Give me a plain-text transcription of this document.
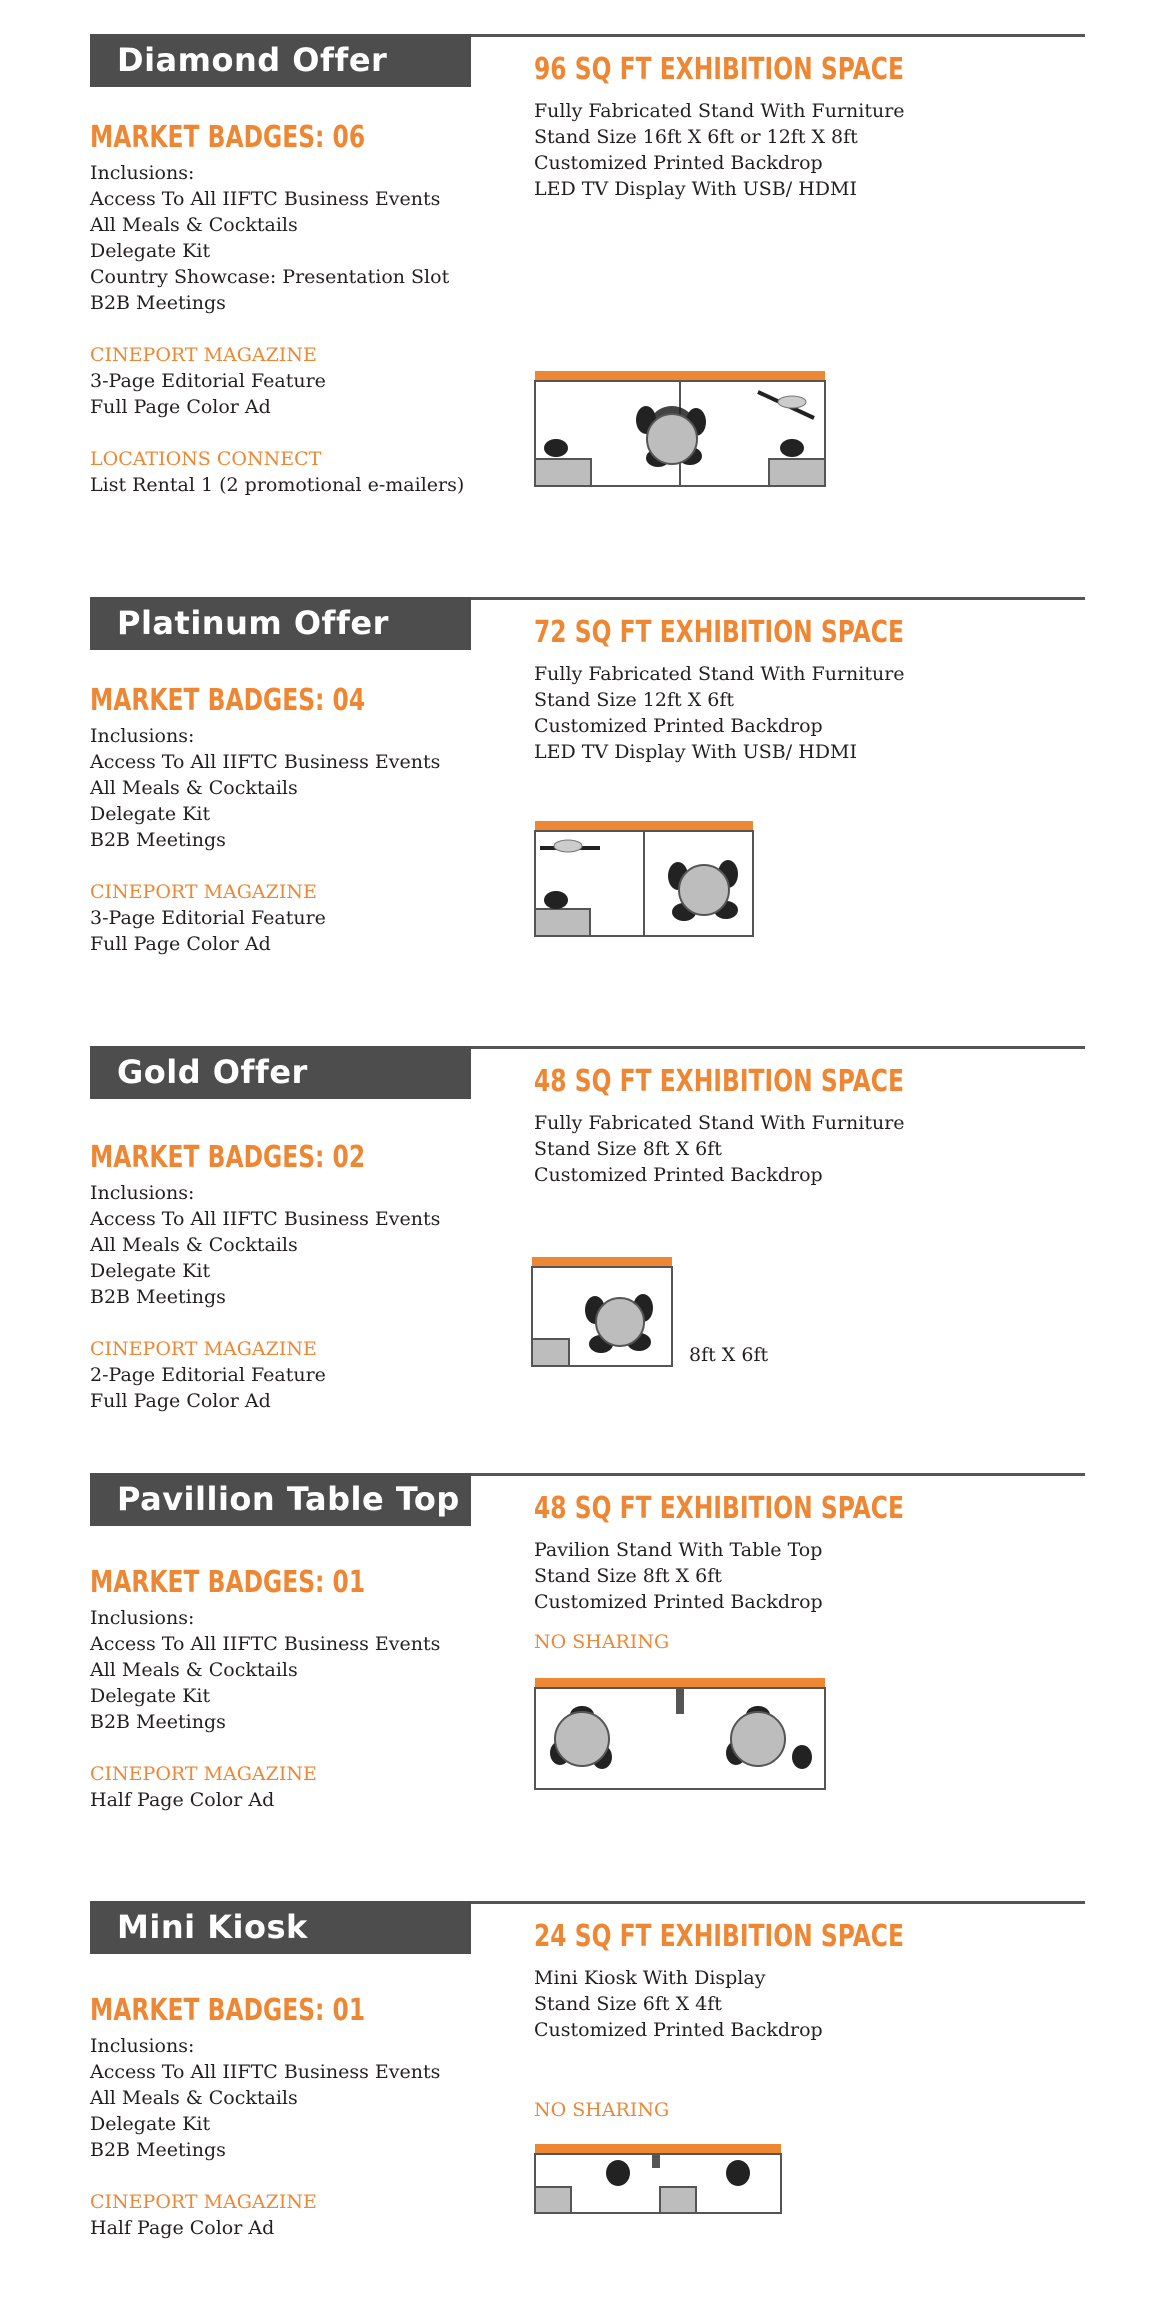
Diamond Offer
MARKET BADGES: 06
Inclusions:
Access To All IIFTC Business Events
All Meals & Cocktails
Delegate Kit
Country Showcase: Presentation Slot
B2B Meetings
CINEPORT MAGAZINE
3-Page Editorial Feature
Full Page Color Ad
LOCATIONS CONNECT
List Rental 1 (2 promotional e-mailers)
96 SQ FT EXHIBITION SPACE
Fully Fabricated Stand With Furniture
Stand Size 16ft X 6ft or 12ft X 8ft
Customized Printed Backdrop
LED TV Display With USB/ HDMI
Platinum Offer
MARKET BADGES: 04
Inclusions:
Access To All IIFTC Business Events
All Meals & Cocktails
Delegate Kit
B2B Meetings
CINEPORT MAGAZINE
3-Page Editorial Feature
Full Page Color Ad
72 SQ FT EXHIBITION SPACE
Fully Fabricated Stand With Furniture
Stand Size 12ft X 6ft
Customized Printed Backdrop
LED TV Display With USB/ HDMI
Gold Offer
MARKET BADGES: 02
Inclusions:
Access To All IIFTC Business Events
All Meals & Cocktails
Delegate Kit
B2B Meetings
CINEPORT MAGAZINE
2-Page Editorial Feature
Full Page Color Ad
48 SQ FT EXHIBITION SPACE
Fully Fabricated Stand With Furniture
Stand Size 8ft X 6ft
Customized Printed Backdrop
8ft X 6ft
Pavillion Table Top
MARKET BADGES: 01
Inclusions:
Access To All IIFTC Business Events
All Meals & Cocktails
Delegate Kit
B2B Meetings
CINEPORT MAGAZINE
Half Page Color Ad
48 SQ FT EXHIBITION SPACE
Pavilion Stand With Table Top
Stand Size 8ft X 6ft
Customized Printed Backdrop
NO SHARING
Mini Kiosk
MARKET BADGES: 01
Inclusions:
Access To All IIFTC Business Events
All Meals & Cocktails
Delegate Kit
B2B Meetings
CINEPORT MAGAZINE
Half Page Color Ad
24 SQ FT EXHIBITION SPACE
Mini Kiosk With Display
Stand Size 6ft X 4ft
Customized Printed Backdrop
NO SHARING
